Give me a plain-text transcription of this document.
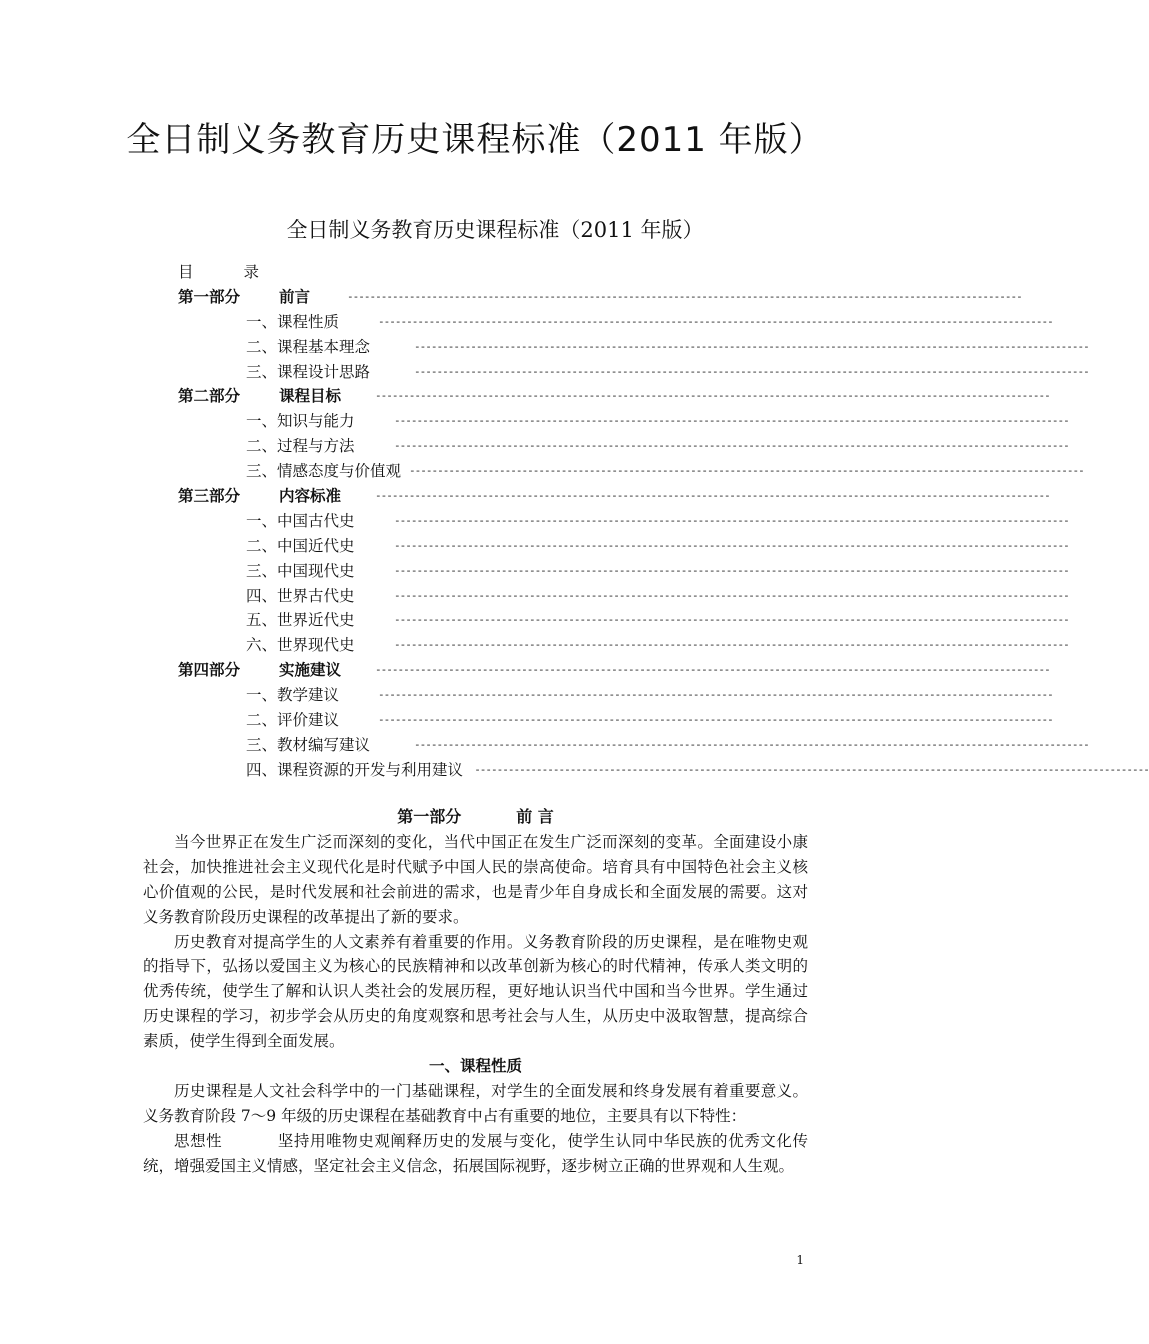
全日制义务教育历史课程标准（2011 年版）
全日制义务教育历史课程标准（2011 年版）
目	录
第一部分	前言	------------------------------------------------------------------------------------------------------------------------
一、课程性质	------------------------------------------------------------------------------------------------------------------------
二、课程基本理念	------------------------------------------------------------------------------------------------------------------------
三、课程设计思路	------------------------------------------------------------------------------------------------------------------------
第二部分	课程目标	------------------------------------------------------------------------------------------------------------------------
一、知识与能力	------------------------------------------------------------------------------------------------------------------------
二、过程与方法	------------------------------------------------------------------------------------------------------------------------
三、情感态度与价值观 ------------------------------------------------------------------------------------------------------------------------
第三部分	内容标准	------------------------------------------------------------------------------------------------------------------------
一、中国古代史	------------------------------------------------------------------------------------------------------------------------
二、中国近代史	------------------------------------------------------------------------------------------------------------------------
三、中国现代史	------------------------------------------------------------------------------------------------------------------------
四、世界古代史	------------------------------------------------------------------------------------------------------------------------
五、世界近代史	------------------------------------------------------------------------------------------------------------------------
六、世界现代史	------------------------------------------------------------------------------------------------------------------------
第四部分	实施建议	------------------------------------------------------------------------------------------------------------------------
一、教学建议	------------------------------------------------------------------------------------------------------------------------
二、评价建议	------------------------------------------------------------------------------------------------------------------------
三、教材编写建议	------------------------------------------------------------------------------------------------------------------------
四、课程资源的开发与利用建议 ------------------------------------------------------------------------------------------------------------------------

第一部分	前 言

当今世界正在发生广泛而深刻的变化，当代中国正在发生广泛而深刻的变革。全面建设小康社会，加快推进社会主义现代化是时代赋予中国人民的崇高使命。培育具有中国特色社会主义核心价值观的公民，是时代发展和社会前进的需求，也是青少年自身成长和全面发展的需要。这对义务教育阶段历史课程的改革提出了新的要求。

历史教育对提高学生的人文素养有着重要的作用。义务教育阶段的历史课程，是在唯物史观的指导下，弘扬以爱国主义为核心的民族精神和以改革创新为核心的时代精神，传承人类文明的优秀传统，使学生了解和认识人类社会的发展历程，更好地认识当代中国和当今世界。学生通过历史课程的学习，初步学会从历史的角度观察和思考社会与人生，从历史中汲取智慧，提高综合素质，使学生得到全面发展。

一、课程性质

历史课程是人文社会科学中的一门基础课程，对学生的全面发展和终身发展有着重要意义。义务教育阶段 7～9 年级的历史课程在基础教育中占有重要的地位，主要具有以下特性：

思想性	坚持用唯物史观阐释历史的发展与变化，使学生认同中华民族的优秀文化传统，增强爱国主义情感，坚定社会主义信念，拓展国际视野，逐步树立正确的世界观和人生观。

1
